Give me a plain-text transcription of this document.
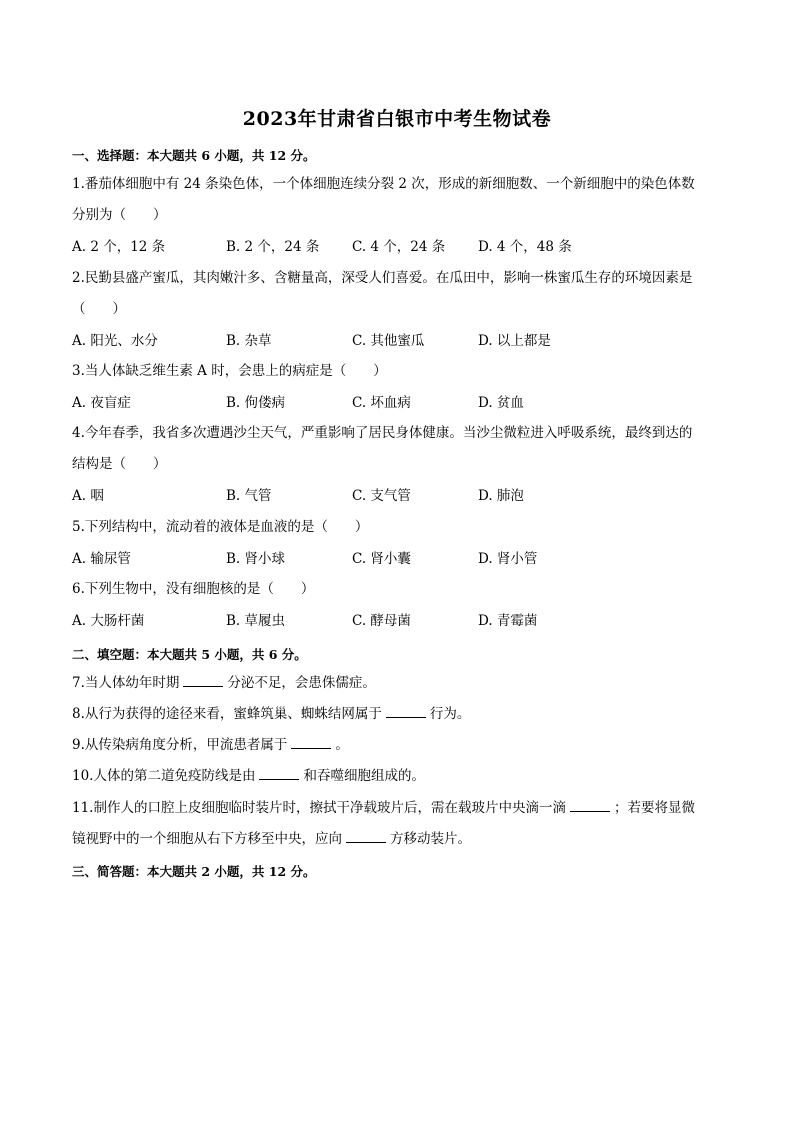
2023年甘肃省白银市中考生物试卷
一、选择题：本大题共 6 小题，共 12 分。
1.番茄体细胞中有 24 条染色体，一个体细胞连续分裂 2 次，形成的新细胞数、一个新细胞中的染色体数
分别为（　　）
A. 2 个，12 条	B. 2 个，24 条 C. 4 个，24 条 D. 4 个，48 条
2.民勤县盛产蜜瓜，其肉嫩汁多、含糖量高，深受人们喜爱。在瓜田中，影响一株蜜瓜生存的环境因素是
（　　）
A. 阳光、水分	B. 杂草	C. 其他蜜瓜	D. 以上都是
3.当人体缺乏维生素 A 时，会患上的病症是（　　）
A. 夜盲症	B. 佝偻病	C. 坏血病	D. 贫血
4.今年春季，我省多次遭遇沙尘天气，严重影响了居民身体健康。当沙尘微粒进入呼吸系统，最终到达的
结构是（　　）
A. 咽	B. 气管	C. 支气管	D. 肺泡
5.下列结构中，流动着的液体是血液的是（　　）
A. 输尿管	B. 肾小球	C. 肾小囊	D. 肾小管
6.下列生物中，没有细胞核的是（　　）
A. 大肠杆菌	B. 草履虫	C. 酵母菌	D. 青霉菌
二、填空题：本大题共 5 小题，共 6 分。
7.当人体幼年时期	分泌不足，会患侏儒症。
8.从行为获得的途径来看，蜜蜂筑巢、蜘蛛结网属于	行为。
9.从传染病角度分析，甲流患者属于	。
10.人体的第二道免疫防线是由	和吞噬细胞组成的。
11.制作人的口腔上皮细胞临时装片时，擦拭干净载玻片后，需在载玻片中央滴一滴	；若要将显微
镜视野中的一个细胞从右下方移至中央，应向	方移动装片。
三、简答题：本大题共 2 小题，共 12 分。
